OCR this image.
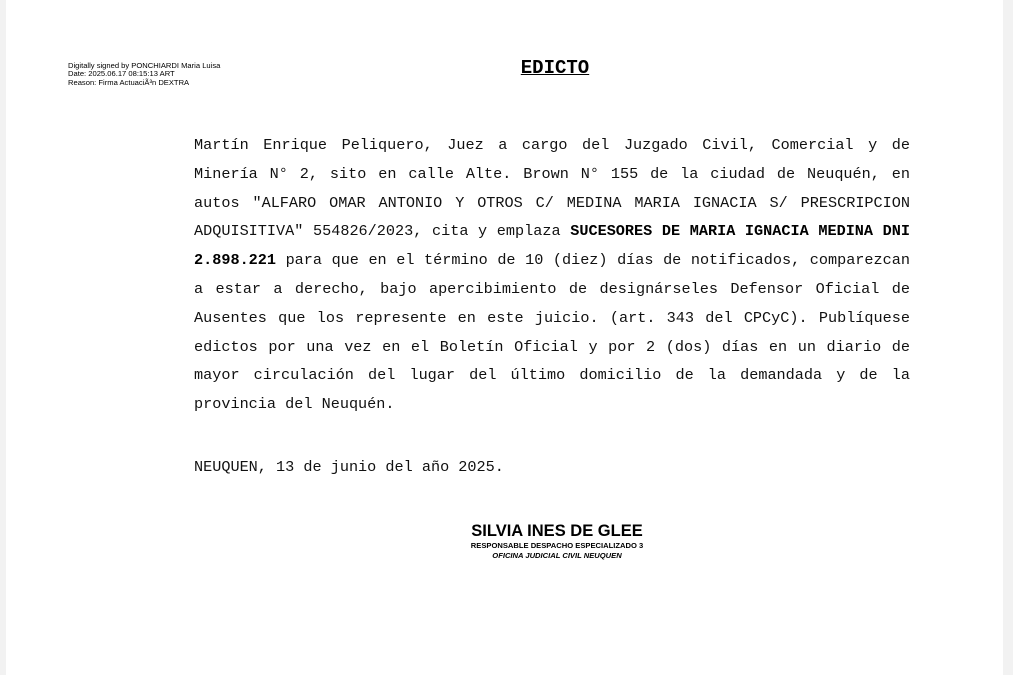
Digitally signed by PONCHIARDI Maria Luisa
Date: 2025.06.17 08:15:13 ART
Reason: Firma ActuaciÃ³n DEXTRA
EDICTO
Martín Enrique Peliquero, Juez a cargo del Juzgado Civil, Comercial y de Minería N° 2, sito en calle Alte. Brown N° 155 de la ciudad de Neuquén, en autos "ALFARO OMAR ANTONIO Y OTROS C/ MEDINA MARIA IGNACIA S/ PRESCRIPCION ADQUISITIVA" 554826/2023, cita y emplaza SUCESORES DE MARIA IGNACIA MEDINA DNI 2.898.221 para que en el término de 10 (diez) días de notificados, comparezcan a estar a derecho, bajo apercibimiento de designárseles Defensor Oficial de Ausentes que los represente en este juicio. (art. 343 del CPCyC). Publíquese edictos por una vez en el Boletín Oficial y por 2 (dos) días en un diario de mayor circulación del lugar del último domicilio de la demandada y de la provincia del Neuquén.
NEUQUEN, 13 de junio del año 2025.
SILVIA INES DE GLEE
RESPONSABLE DESPACHO ESPECIALIZADO 3
OFICINA JUDICIAL CIVIL NEUQUEN
